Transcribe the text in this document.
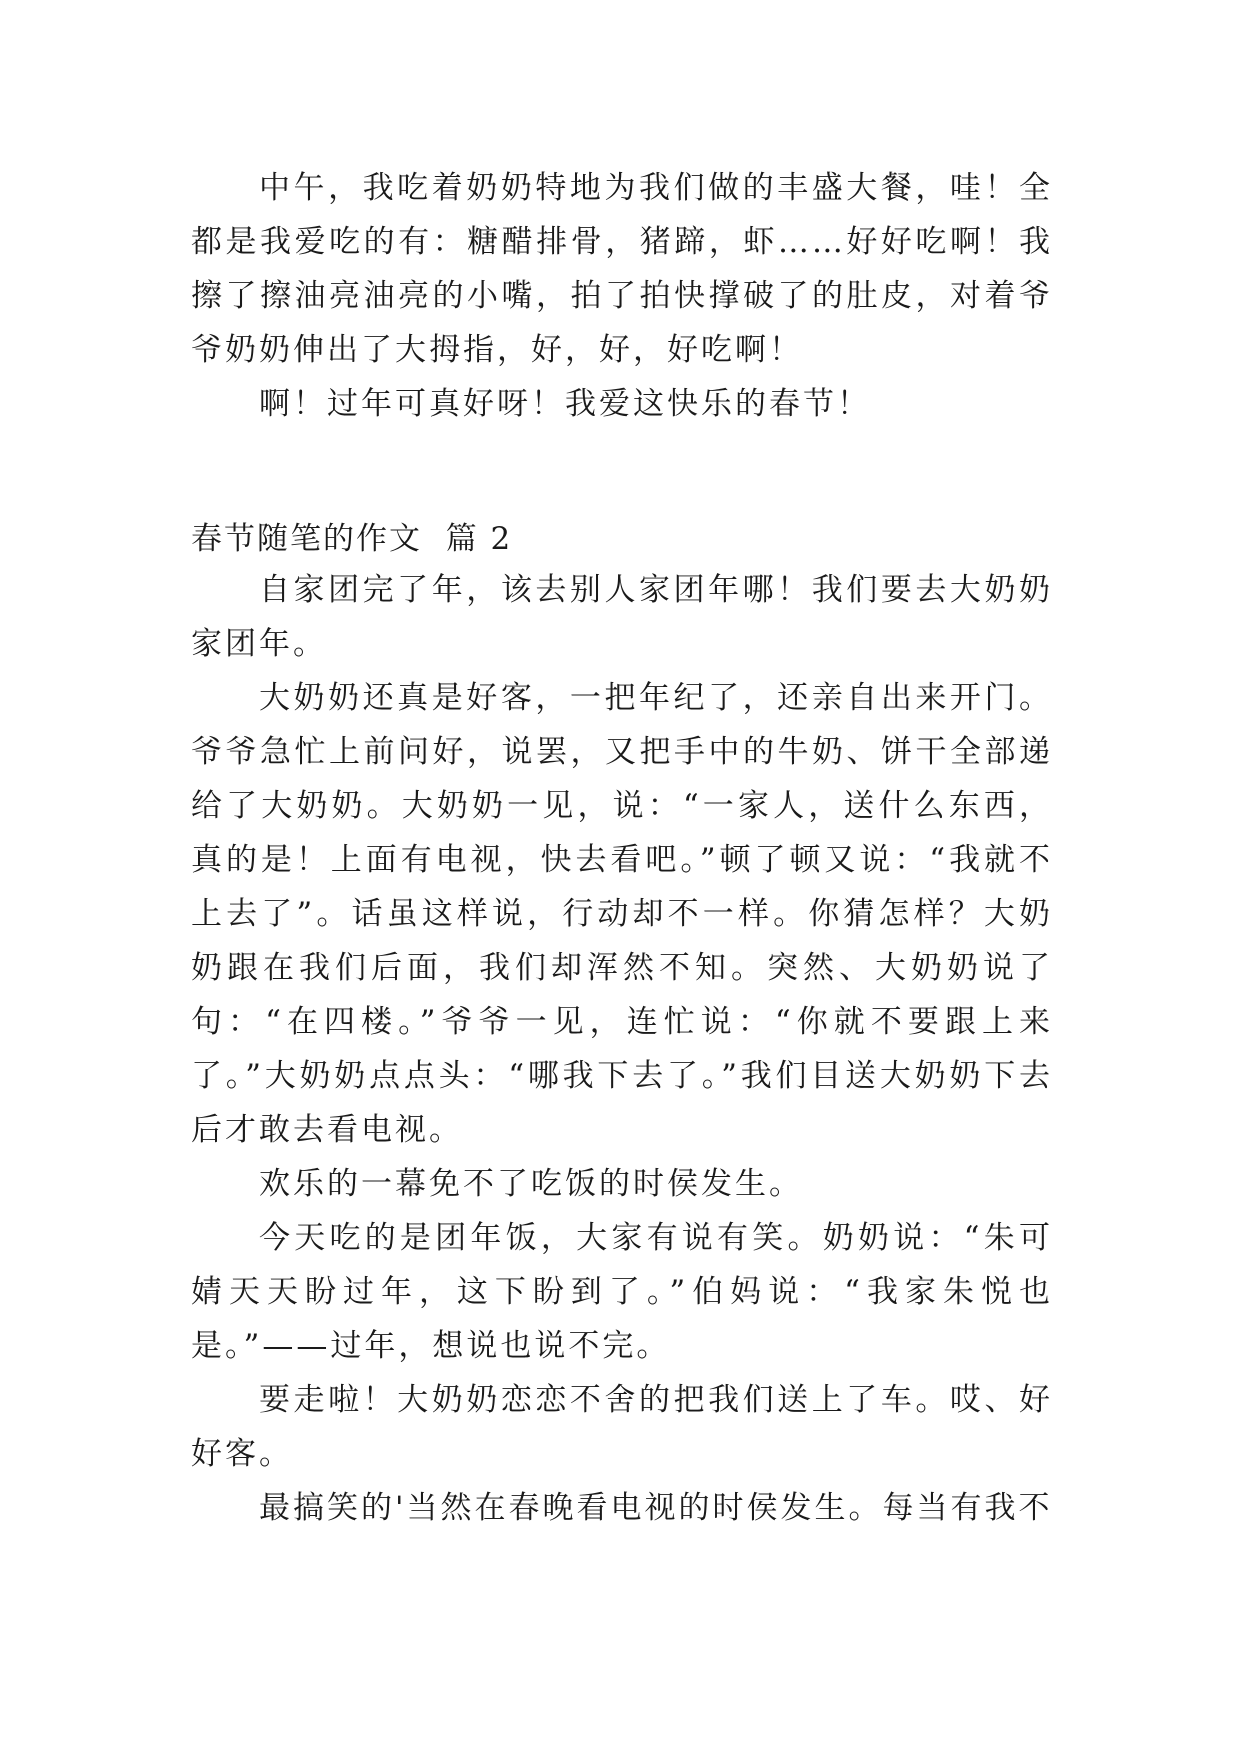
中午，我吃着奶奶特地为我们做的丰盛大餐，哇！全都是我爱吃的有：糖醋排骨，猪蹄，虾……好好吃啊！我擦了擦油亮油亮的小嘴，拍了拍快撑破了的肚皮，对着爷爷奶奶伸出了大拇指，好，好，好吃啊！

啊！过年可真好呀！我爱这快乐的春节！

春节随笔的作文  篇 2

自家团完了年，该去别人家团年哪！我们要去大奶奶家团年。

大奶奶还真是好客，一把年纪了，还亲自出来开门。爷爷急忙上前问好，说罢，又把手中的牛奶、饼干全部递给了大奶奶。大奶奶一见，说：“一家人，送什么东西，真的是！上面有电视，快去看吧。”顿了顿又说：“我就不上去了”。话虽这样说，行动却不一样。你猜怎样？大奶奶跟在我们后面，我们却浑然不知。突然、大奶奶说了句：“在四楼。”爷爷一见，连忙说：“你就不要跟上来了。”大奶奶点点头：“哪我下去了。”我们目送大奶奶下去后才敢去看电视。

欢乐的一幕免不了吃饭的时侯发生。

今天吃的是团年饭，大家有说有笑。奶奶说：“朱可婧天天盼过年，这下盼到了。”伯妈说：“我家朱悦也是。”——过年，想说也说不完。

要走啦！大奶奶恋恋不舍的把我们送上了车。哎、好好客。

最搞笑的'当然在春晚看电视的时侯发生。每当有我不
